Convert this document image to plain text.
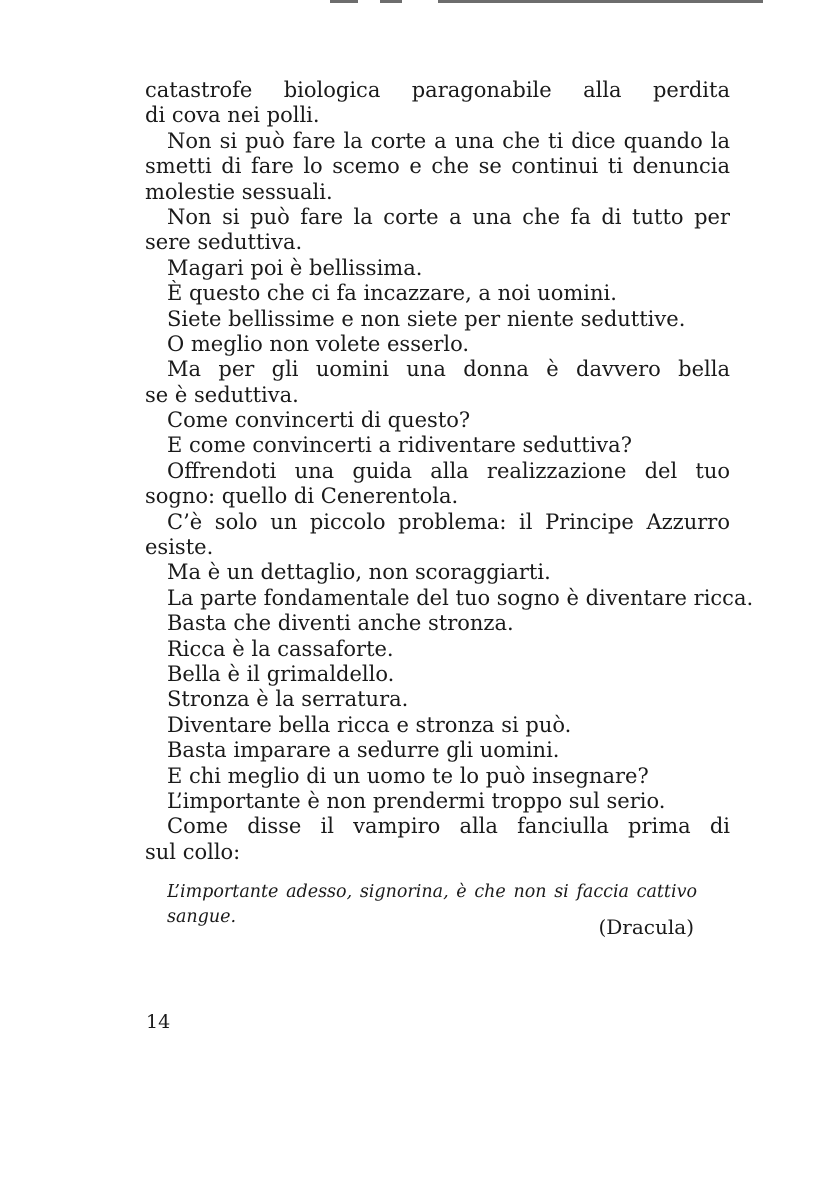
catastrofe biologica paragonabile alla perdita
di cova nei polli.
Non si può fare la corte a una che ti dice quando la
smetti di fare lo scemo e che se continui ti denuncia
molestie sessuali.
Non si può fare la corte a una che fa di tutto per
sere seduttiva.
Magari poi è bellissima.
È questo che ci fa incazzare, a noi uomini.
Siete bellissime e non siete per niente seduttive.
O meglio non volete esserlo.
Ma per gli uomini una donna è davvero bella
se è seduttiva.
Come convincerti di questo?
E come convincerti a ridiventare seduttiva?
Offrendoti una guida alla realizzazione del tuo
sogno: quello di Cenerentola.
C’è solo un piccolo problema: il Principe Azzurro
esiste.
Ma è un dettaglio, non scoraggiarti.
La parte fondamentale del tuo sogno è diventare ricca.
Basta che diventi anche stronza.
Ricca è la cassaforte.
Bella è il grimaldello.
Stronza è la serratura.
Diventare bella ricca e stronza si può.
Basta imparare a sedurre gli uomini.
E chi meglio di un uomo te lo può insegnare?
L’importante è non prendermi troppo sul serio.
Come disse il vampiro alla fanciulla prima di
sul collo:
L’importante adesso, signorina, è che non si faccia cattivo
sangue.	(Dracula)
14
